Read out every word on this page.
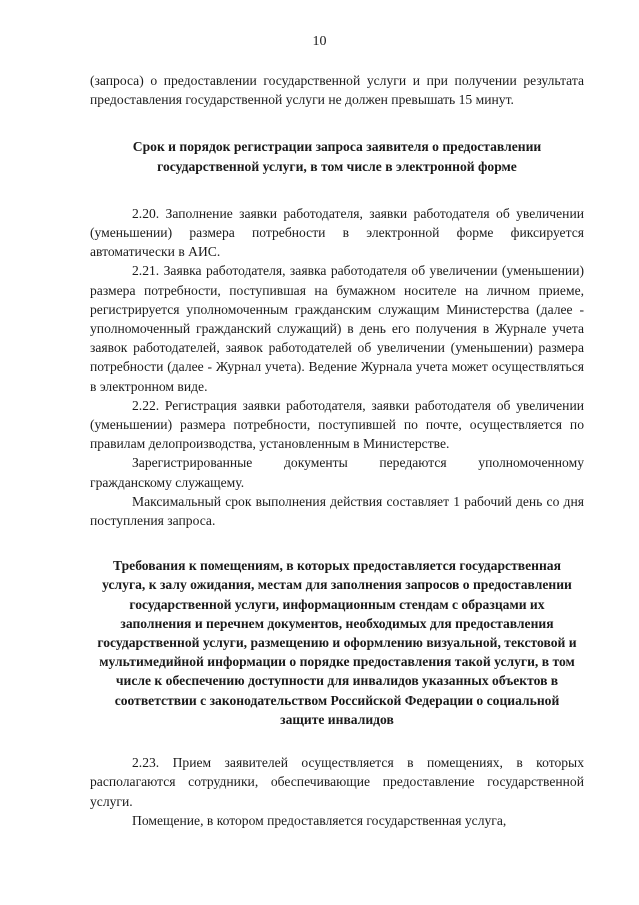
10

(запроса) о предоставлении государственной услуги и при получении результата предоставления государственной услуги не должен превышать 15 минут.

Срок и порядок регистрации запроса заявителя о предоставлении государственной услуги, в том числе в электронной форме

2.20. Заполнение заявки работодателя, заявки работодателя об увеличении (уменьшении) размера потребности в электронной форме фиксируется автоматически в АИС.

2.21. Заявка работодателя, заявка работодателя об увеличении (уменьшении) размера потребности, поступившая на бумажном носителе на личном приеме, регистрируется уполномоченным гражданским служащим Министерства (далее - уполномоченный гражданский служащий) в день его получения в Журнале учета заявок работодателей, заявок работодателей об увеличении (уменьшении) размера потребности (далее - Журнал учета). Ведение Журнала учета может осуществляться в электронном виде.

2.22. Регистрация заявки работодателя, заявки работодателя об увеличении (уменьшении) размера потребности, поступившей по почте, осуществляется по правилам делопроизводства, установленным в Министерстве.

Зарегистрированные документы передаются уполномоченному гражданскому служащему.

Максимальный срок выполнения действия составляет 1 рабочий день со дня поступления запроса.

Требования к помещениям, в которых предоставляется государственная услуга, к залу ожидания, местам для заполнения запросов о предоставлении государственной услуги, информационным стендам с образцами их заполнения и перечнем документов, необходимых для предоставления государственной услуги, размещению и оформлению визуальной, текстовой и мультимедийной информации о порядке предоставления такой услуги, в том числе к обеспечению доступности для инвалидов указанных объектов в соответствии с законодательством Российской Федерации о социальной защите инвалидов

2.23. Прием заявителей осуществляется в помещениях, в которых располагаются сотрудники, обеспечивающие предоставление государственной услуги.

Помещение, в котором предоставляется государственная услуга,
